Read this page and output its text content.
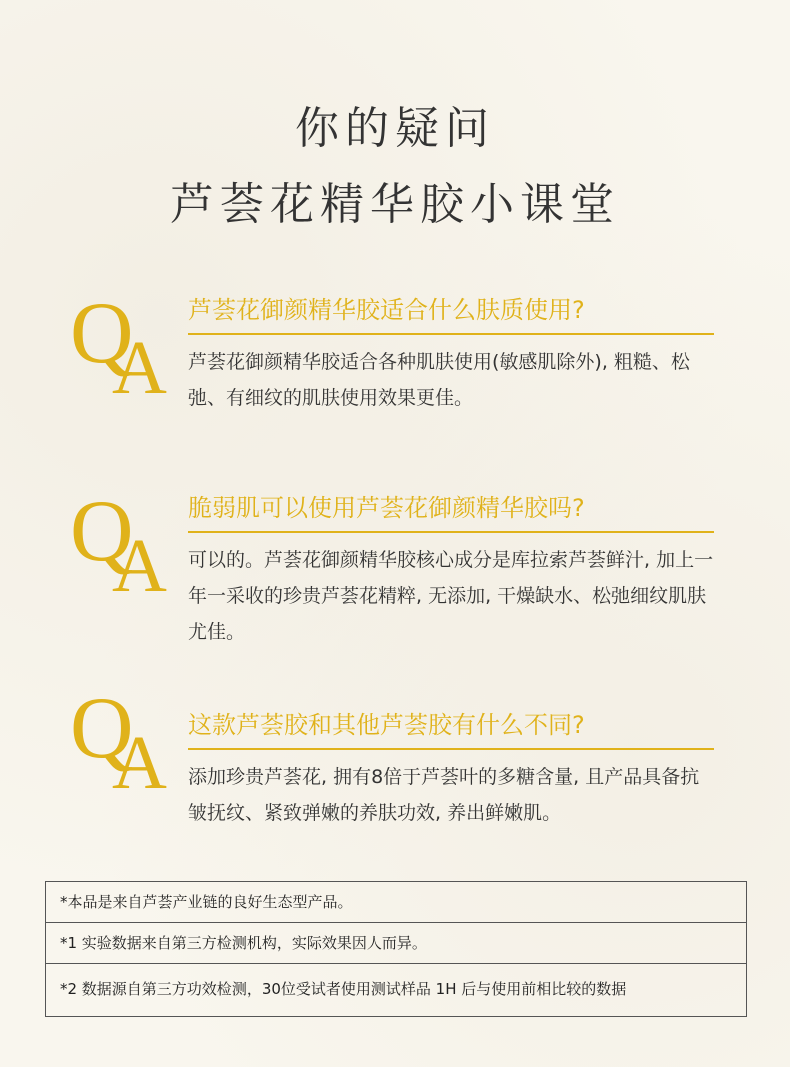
你的疑问
芦荟花精华胶小课堂
Q
A
芦荟花御颜精华胶适合什么肤质使用?
芦荟花御颜精华胶适合各种肌肤使用(敏感肌除外), 粗糙、松弛、有细纹的肌肤使用效果更佳。
Q
A
脆弱肌可以使用芦荟花御颜精华胶吗?
可以的。芦荟花御颜精华胶核心成分是库拉索芦荟鲜汁, 加上一年一采收的珍贵芦荟花精粹, 无添加, 干燥缺水、松弛细纹肌肤尤佳。
Q
A 这款芦荟胶和其他芦荟胶有什么不同?
添加珍贵芦荟花, 拥有8倍于芦荟叶的多糖含量, 且产品具备抗皱抚纹、紧致弹嫩的养肤功效, 养出鲜嫩肌。
*本品是来自芦荟产业链的良好生态型产品。
*1 实验数据来自第三方检测机构，实际效果因人而异。
*2 数据源自第三方功效检测，30位受试者使用测试样品 1H 后与使用前相比较的数据
